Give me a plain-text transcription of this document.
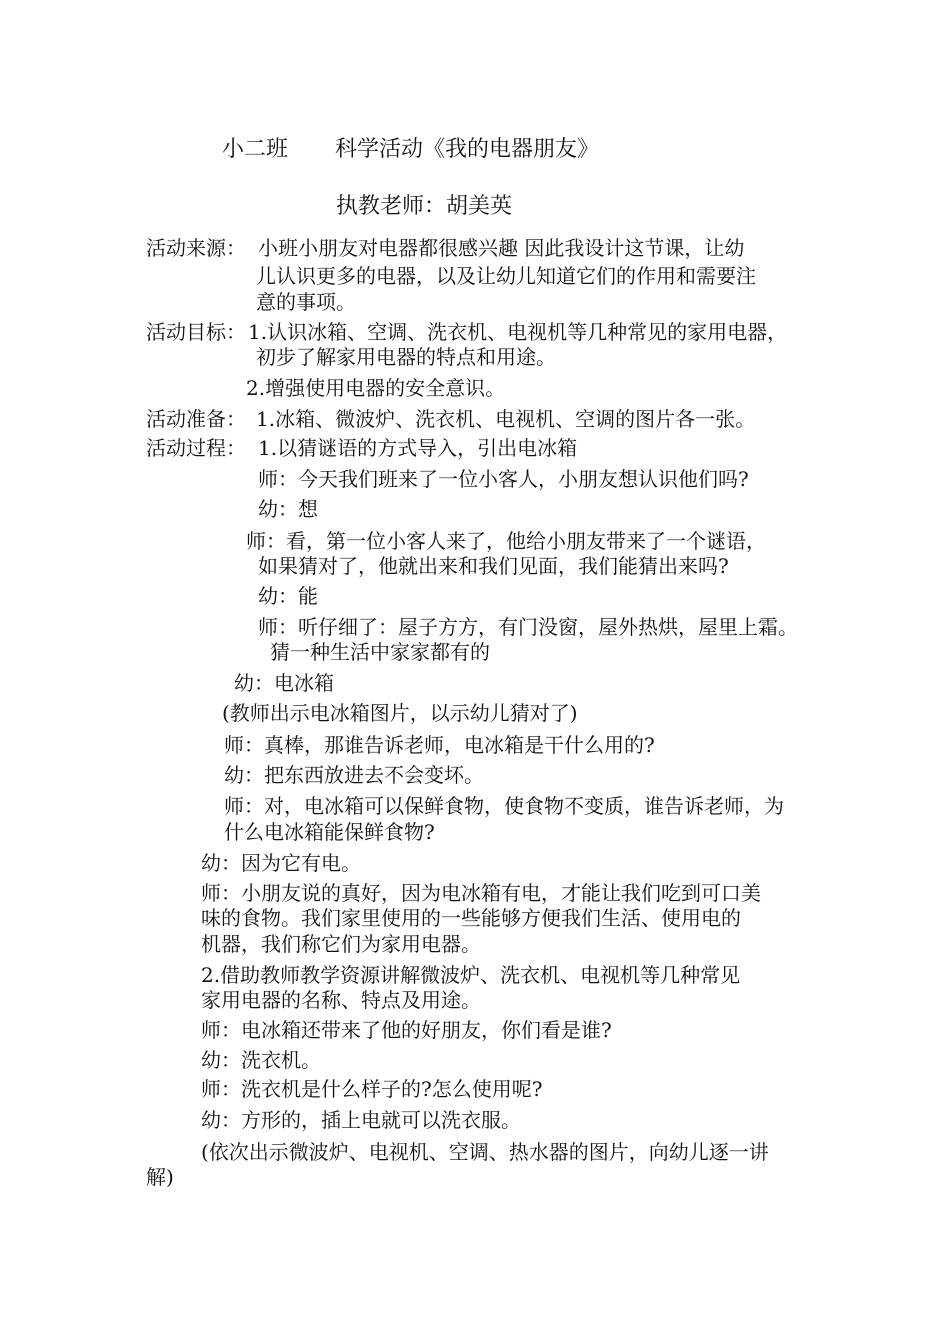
小二班 科学活动《我的电器朋友》
执教老师：胡美英
活动来源： 小班小朋友对电器都很感兴趣 因此我设计这节课，让幼
儿认识更多的电器，以及让幼儿知道它们的作用和需要注
意的事项。
活动目标： 1.认识冰箱、空调、洗衣机、电视机等几种常见的家用电器，
初步了解家用电器的特点和用途。
2.增强使用电器的安全意识。
活动准备： 1.冰箱、微波炉、洗衣机、电视机、空调的图片各一张。
活动过程： 1.以猜谜语的方式导入，引出电冰箱
师：今天我们班来了一位小客人，小朋友想认识他们吗?
幼：想
师：看，第一位小客人来了，他给小朋友带来了一个谜语，
如果猜对了，他就出来和我们见面，我们能猜出来吗?
幼：能
师：听仔细了：屋子方方，有门没窗，屋外热烘，屋里上霜。
猜一种生活中家家都有的
幼：电冰箱
(教师出示电冰箱图片，以示幼儿猜对了)
师：真棒，那谁告诉老师，电冰箱是干什么用的?
幼：把东西放进去不会变坏。
师：对，电冰箱可以保鲜食物，使食物不变质，谁告诉老师，为
什么电冰箱能保鲜食物?
幼：因为它有电。
师：小朋友说的真好，因为电冰箱有电，才能让我们吃到可口美
味的食物。我们家里使用的一些能够方便我们生活、使用电的
机器，我们称它们为家用电器。
2.借助教师教学资源讲解微波炉、洗衣机、电视机等几种常见
家用电器的名称、特点及用途。
师：电冰箱还带来了他的好朋友，你们看是谁?
幼：洗衣机。
师：洗衣机是什么样子的?怎么使用呢?
幼：方形的，插上电就可以洗衣服。
(依次出示微波炉、电视机、空调、热水器的图片，向幼儿逐一讲
解)
